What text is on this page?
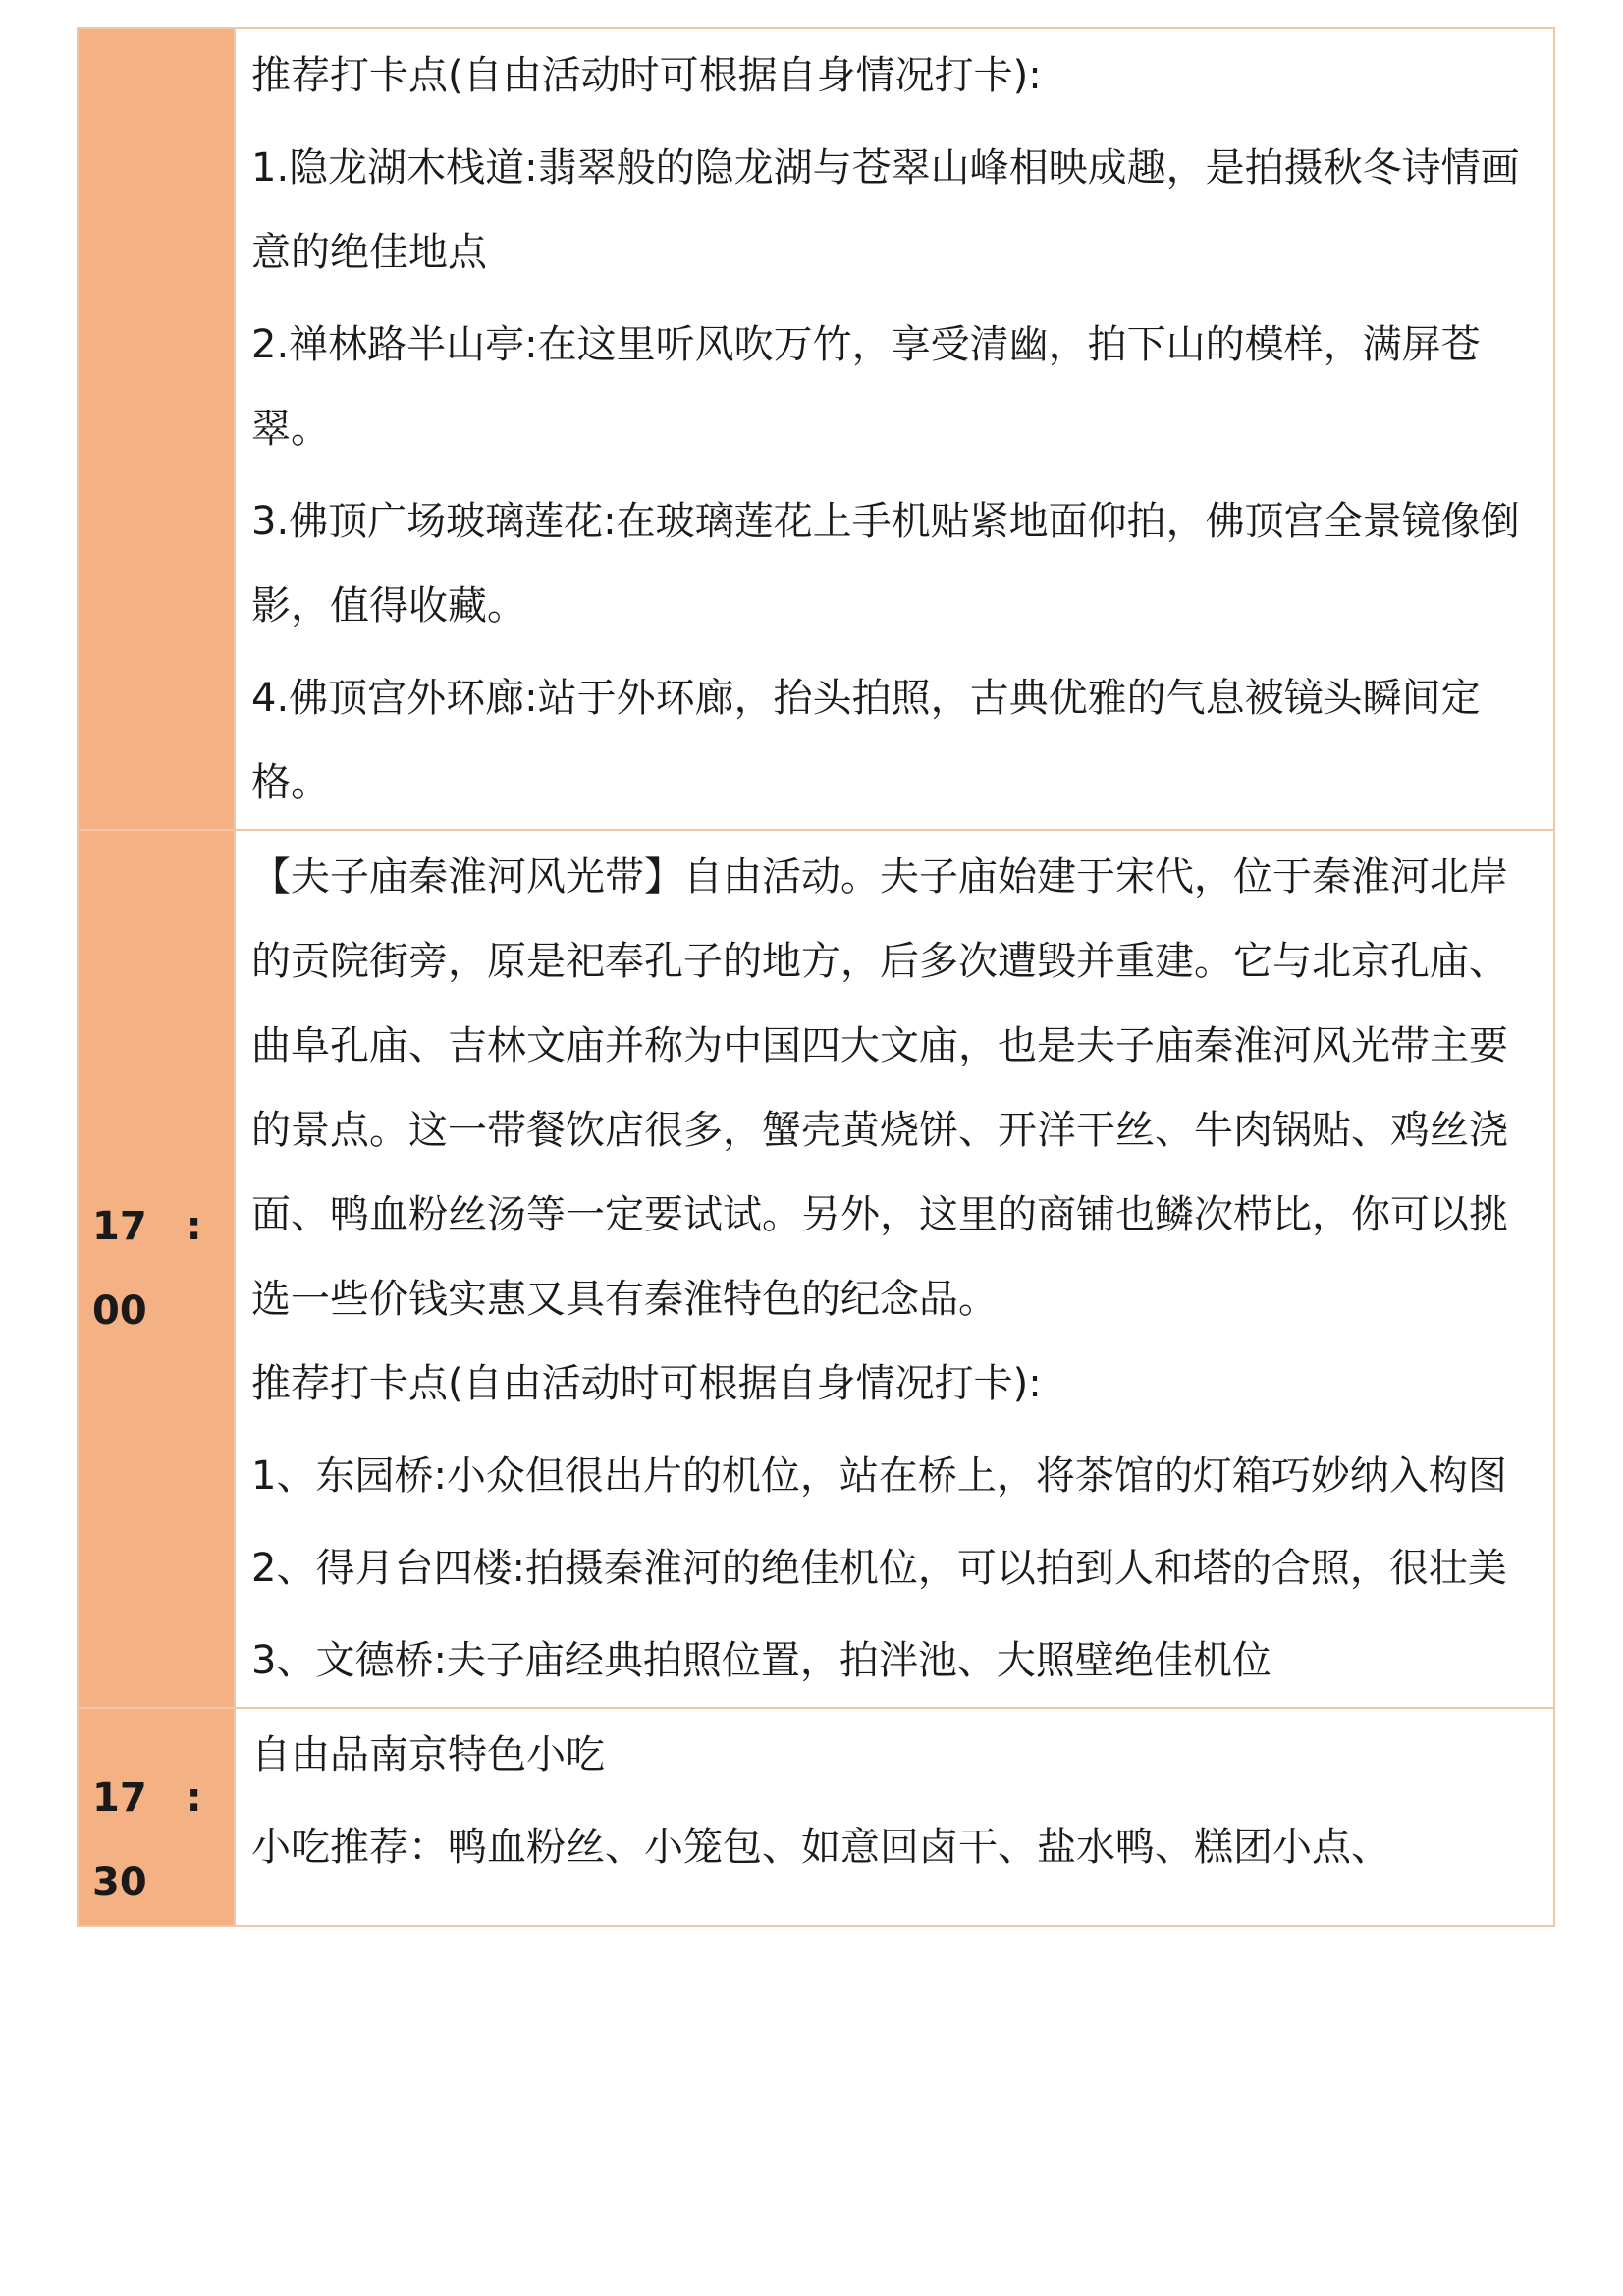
推荐打卡点(自由活动时可根据自身情况打卡):

1.隐龙湖木栈道:翡翠般的隐龙湖与苍翠山峰相映成趣，是拍摄秋冬诗情画意的绝佳地点

2.禅林路半山亭:在这里听风吹万竹，享受清幽，拍下山的模样，满屏苍翠。

3.佛顶广场玻璃莲花:在玻璃莲花上手机贴紧地面仰拍，佛顶宫全景镜像倒影，值得收藏。

4.佛顶宫外环廊:站于外环廊，抬头拍照，古典优雅的气息被镜头瞬间定格。

17　:
00

【夫子庙秦淮河风光带】自由活动。夫子庙始建于宋代，位于秦淮河北岸的贡院街旁，原是祀奉孔子的地方，后多次遭毁并重建。它与北京孔庙、曲阜孔庙、吉林文庙并称为中国四大文庙，也是夫子庙秦淮河风光带主要的景点。这一带餐饮店很多，蟹壳黄烧饼、开洋干丝、牛肉锅贴、鸡丝浇面、鸭血粉丝汤等一定要试试。另外，这里的商铺也鳞次栉比，你可以挑选一些价钱实惠又具有秦淮特色的纪念品。

推荐打卡点(自由活动时可根据自身情况打卡):

1、东园桥:小众但很出片的机位，站在桥上，将茶馆的灯箱巧妙纳入构图

2、得月台四楼:拍摄秦淮河的绝佳机位，可以拍到人和塔的合照，很壮美

3、文德桥:夫子庙经典拍照位置，拍泮池、大照壁绝佳机位

17　:
30

自由品南京特色小吃

小吃推荐：鸭血粉丝、小笼包、如意回卤干、盐水鸭、糕团小点、
